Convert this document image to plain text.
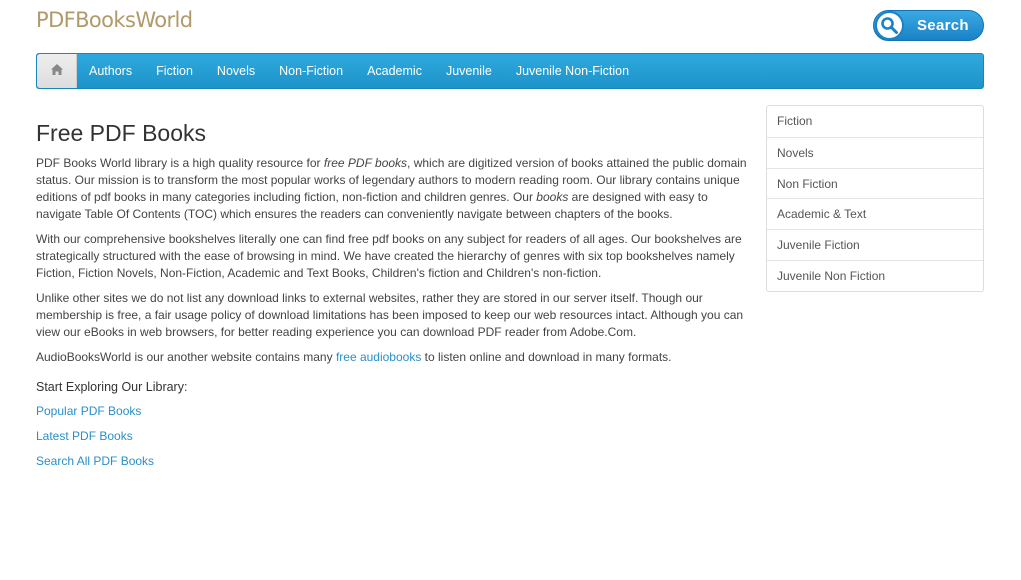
PDFBooksWorld	Search
Authors	Fiction	Novels	Non-Fiction	Academic	Juvenile	Juvenile Non-Fiction
Free PDF Books

PDF Books World library is a high quality resource for free PDF books, which are digitized version of books attained the public domain status. Our mission is to transform the most popular works of legendary authors to modern reading room. Our library contains unique editions of pdf books in many categories including fiction, non-fiction and children genres. Our books are designed with easy to navigate Table Of Contents (TOC) which ensures the readers can conveniently navigate between chapters of the books.

With our comprehensive bookshelves literally one can find free pdf books on any subject for readers of all ages. Our bookshelves are strategically structured with the ease of browsing in mind. We have created the hierarchy of genres with six top bookshelves namely Fiction, Fiction Novels, Non-Fiction, Academic and Text Books, Children's fiction and Children's non-fiction.

Unlike other sites we do not list any download links to external websites, rather they are stored in our server itself. Though our membership is free, a fair usage policy of download limitations has been imposed to keep our web resources intact. Although you can view our eBooks in web browsers, for better reading experience you can download PDF reader from Adobe.Com.

AudioBooksWorld is our another website contains many free audiobooks to listen online and download in many formats.

Start Exploring Our Library:
Popular PDF Books
Latest PDF Books
Search All PDF Books
Fiction
Novels
Non Fiction
Academic & Text
Juvenile Fiction
Juvenile Non Fiction
